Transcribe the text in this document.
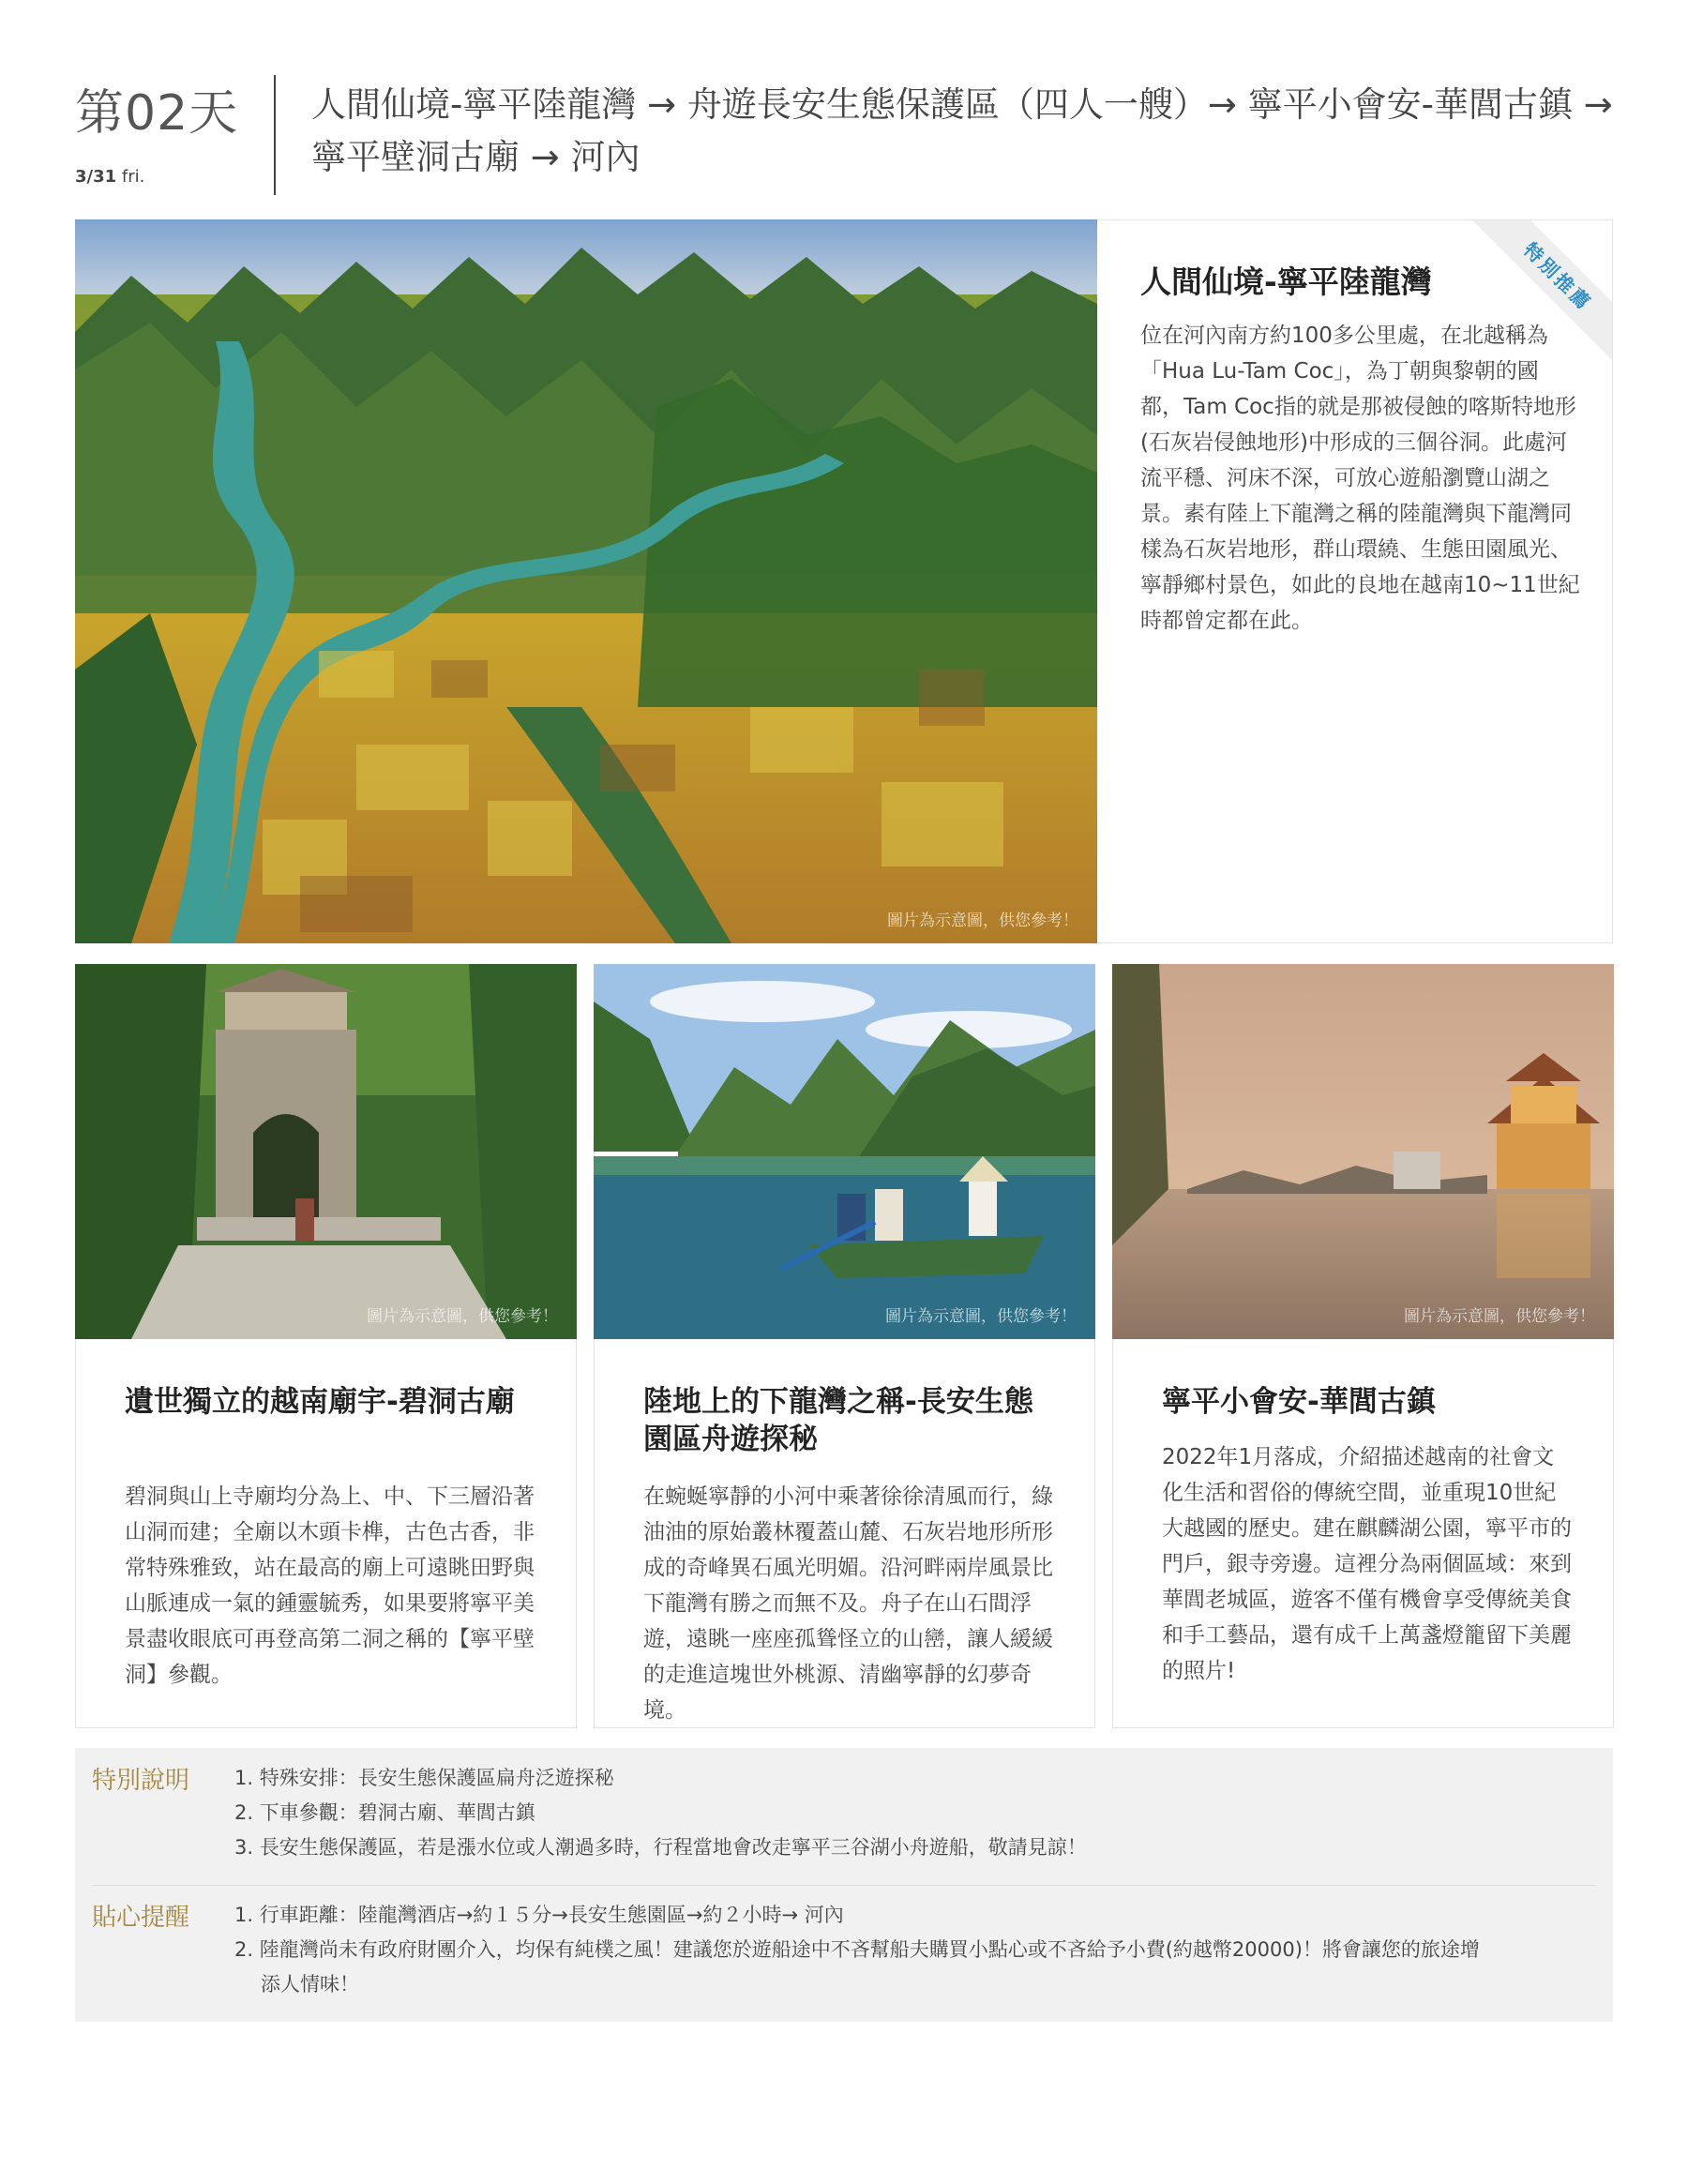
第02天
3/31 fri.
人間仙境-寧平陸龍灣 → 舟遊長安生態保護區（四人一艘）→ 寧平小會安-華閭古鎮 → 寧平壁洞古廟 → 河內
圖片為示意圖，供您參考！
特別推薦
人間仙境-寧平陸龍灣
位在河內南方約100多公里處，在北越稱為「Hua Lu-Tam Coc」，為丁朝與黎朝的國都，Tam Coc指的就是那被侵蝕的喀斯特地形(石灰岩侵蝕地形)中形成的三個谷洞。此處河流平穩、河床不深，可放心遊船瀏覽山湖之景。素有陸上下龍灣之稱的陸龍灣與下龍灣同樣為石灰岩地形，群山環繞、生態田園風光、寧靜鄉村景色，如此的良地在越南10~11世紀時都曾定都在此。
圖片為示意圖，供您參考！
遺世獨立的越南廟宇-碧洞古廟
碧洞與山上寺廟均分為上、中、下三層沿著山洞而建；全廟以木頭卡榫，古色古香，非常特殊雅致，站在最高的廟上可遠眺田野與山脈連成一氣的鍾靈毓秀，如果要將寧平美景盡收眼底可再登高第二洞之稱的【寧平壁洞】參觀。
圖片為示意圖，供您參考！
陸地上的下龍灣之稱-長安生態園區舟遊探秘
在蜿蜒寧靜的小河中乘著徐徐清風而行，綠油油的原始叢林覆蓋山麓、石灰岩地形所形成的奇峰異石風光明媚。沿河畔兩岸風景比下龍灣有勝之而無不及。舟子在山石間浮遊，遠眺一座座孤聳怪立的山巒，讓人緩緩的走進這塊世外桃源、清幽寧靜的幻夢奇境。
圖片為示意圖，供您參考！
寧平小會安-華閭古鎮
2022年1月落成，介紹描述越南的社會文化生活和習俗的傳統空間，並重現10世紀大越國的歷史。建在麒麟湖公園，寧平市的門戶，銀寺旁邊。這裡分為兩個區域：來到華閭老城區，遊客不僅有機會享受傳統美食和手工藝品，還有成千上萬盞燈籠留下美麗的照片!
特別說明 1. 特殊安排：長安生態保護區扁舟泛遊探秘
2. 下車參觀：碧洞古廟、華閭古鎮
3. 長安生態保護區，若是漲水位或人潮過多時，行程當地會改走寧平三谷湖小舟遊船，敬請見諒！
貼心提醒 1. 行車距離：陸龍灣酒店→約１５分→長安生態園區→約２小時→ 河內
2. 陸龍灣尚未有政府財團介入，均保有純樸之風！建議您於遊船途中不吝幫船夫購買小點心或不吝給予小費(約越幣20000)！將會讓您的旅途增添人情味！
